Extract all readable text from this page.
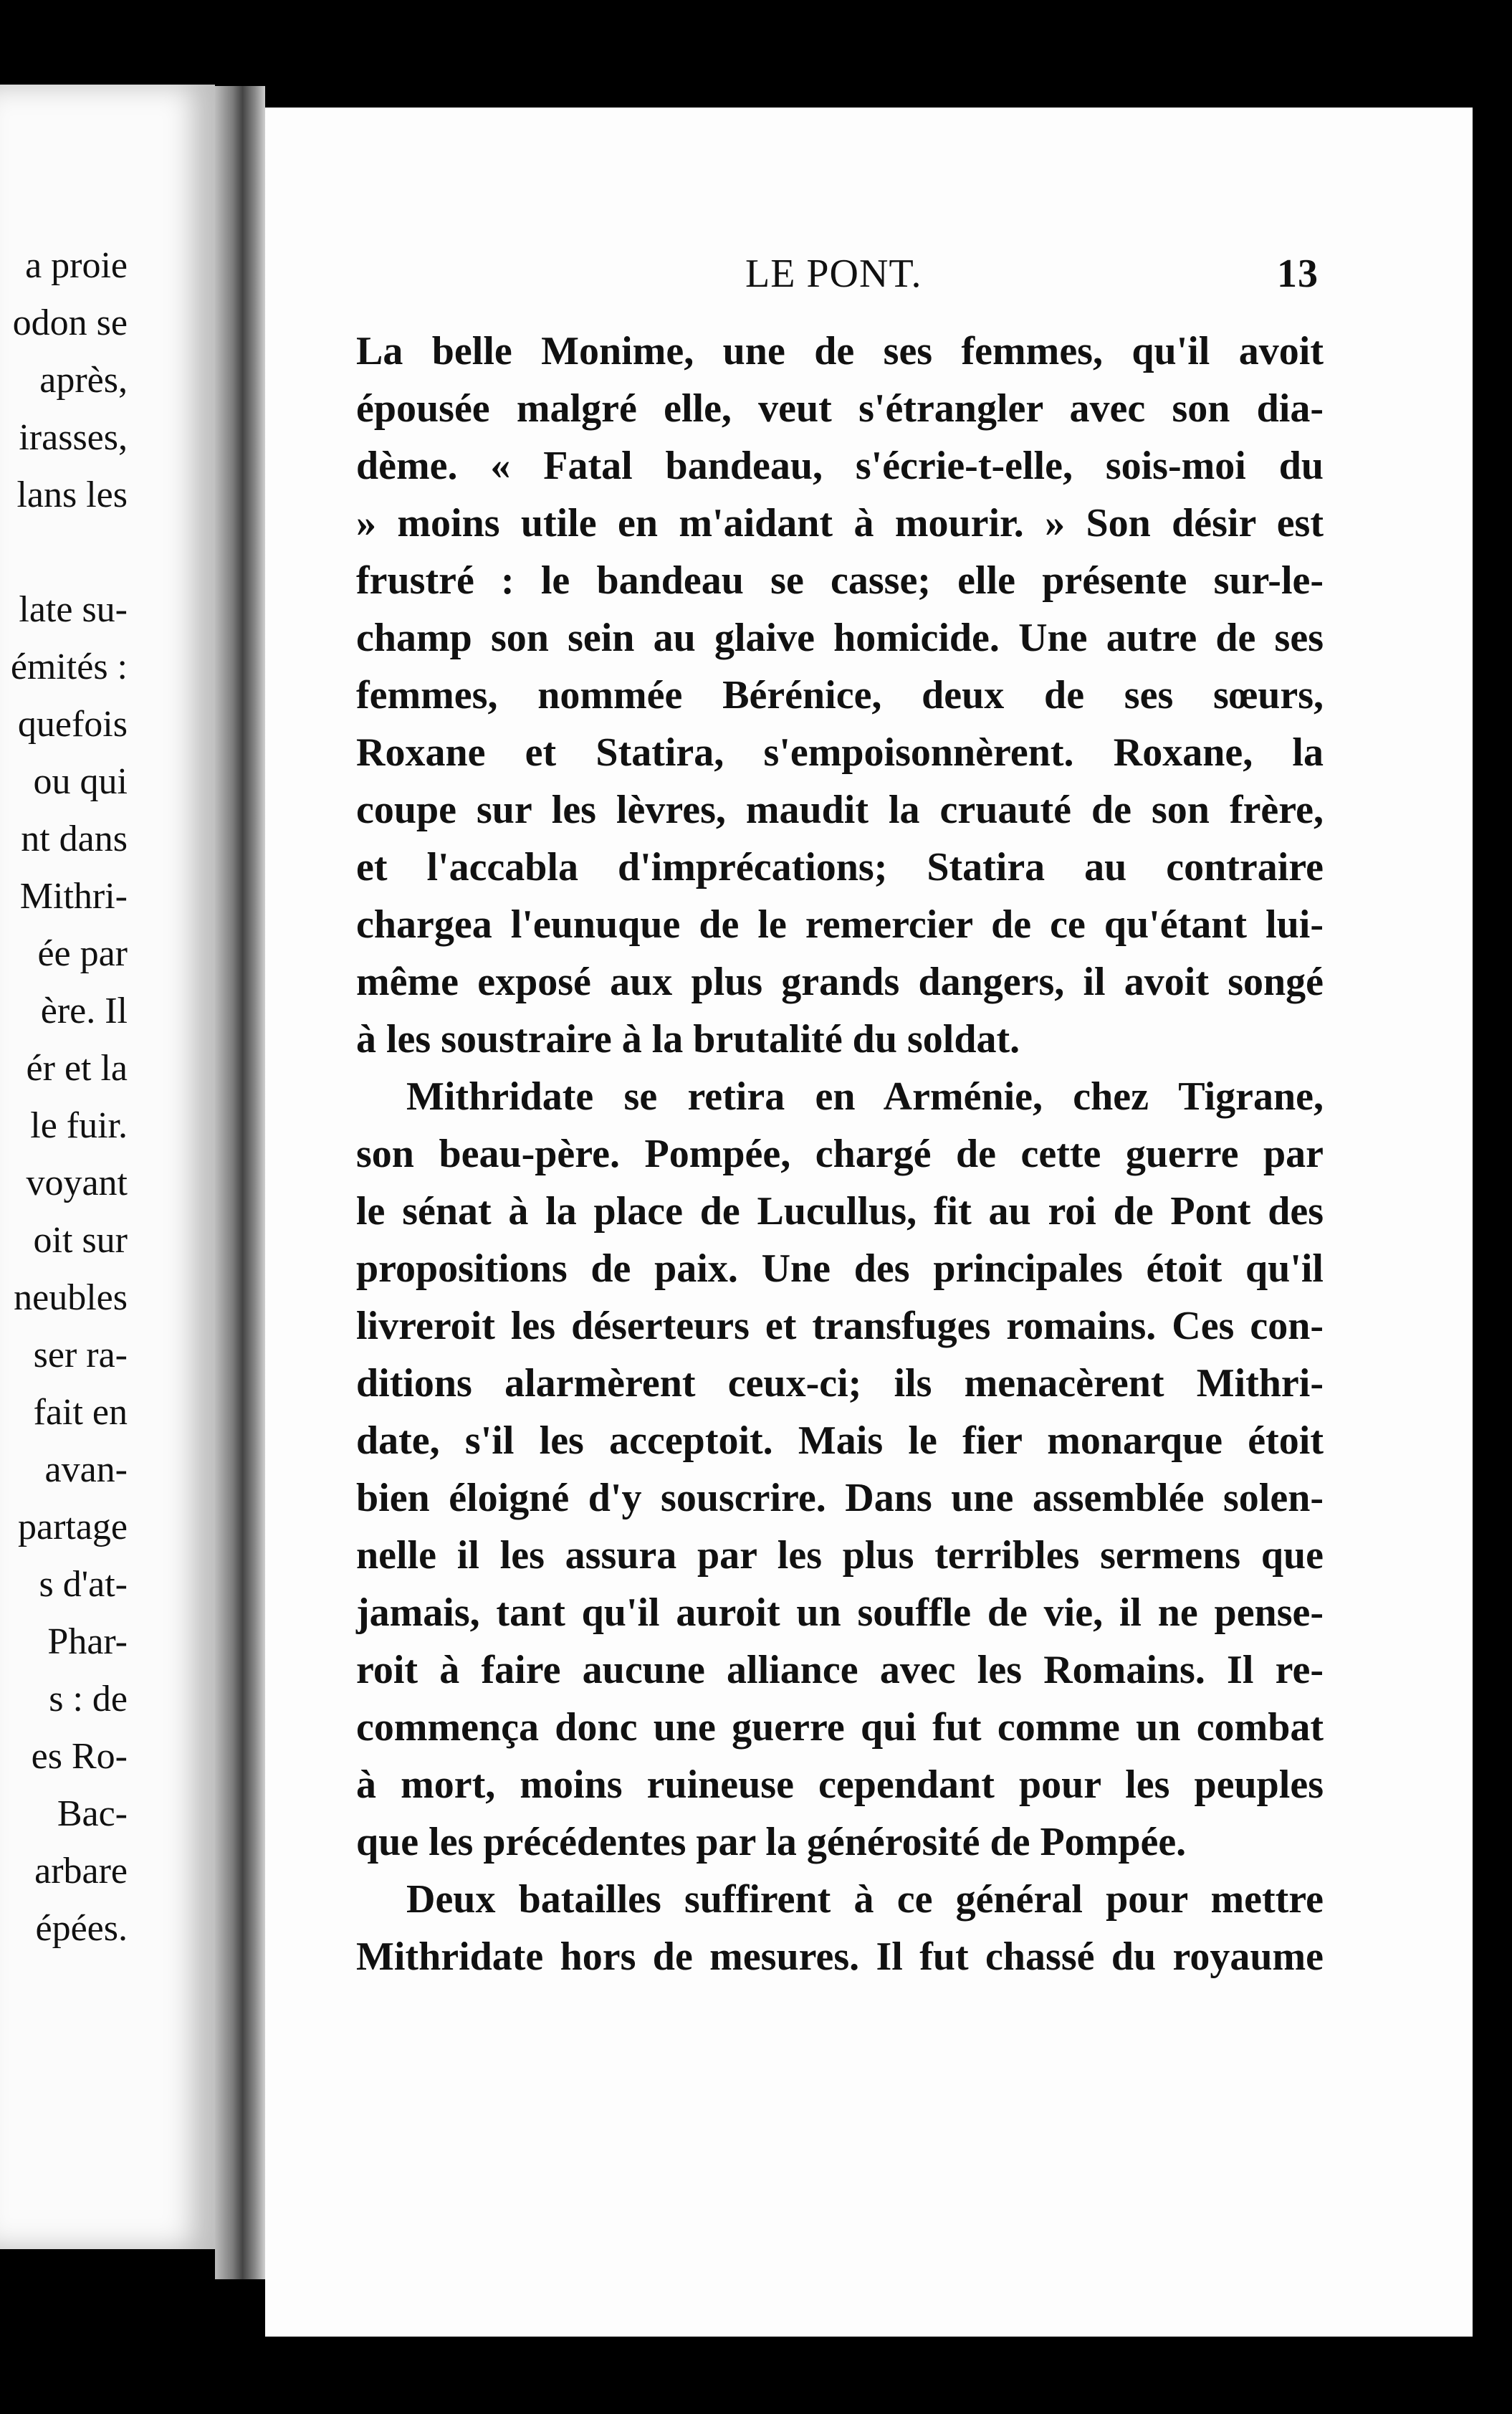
a proie
odon se
après,
irasses,
lans les
late su-
émités :
quefois
ou qui
nt dans
Mithri-
ée par
ère. Il
ér et la
le fuir.
voyant
oit sur
neubles
ser ra-
fait en
avan-
partage
s d'at-
Phar-
s : de
es Ro-
Bac-
arbare
épées.
LE PONT.	13
La belle Monime, une de ses femmes, qu'il avoit
épousée malgré elle, veut s'étrangler avec son dia-
dème. « Fatal bandeau, s'écrie-t-elle, sois-moi du
» moins utile en m'aidant à mourir. » Son désir est
frustré : le bandeau se casse; elle présente sur-le-
champ son sein au glaive homicide. Une autre de ses
femmes, nommée Bérénice, deux de ses sœurs,
Roxane et Statira, s'empoisonnèrent. Roxane, la
coupe sur les lèvres, maudit la cruauté de son frère,
et l'accabla d'imprécations; Statira au contraire
chargea l'eunuque de le remercier de ce qu'étant lui-
même exposé aux plus grands dangers, il avoit songé
à les soustraire à la brutalité du soldat.
Mithridate se retira en Arménie, chez Tigrane,
son beau-père. Pompée, chargé de cette guerre par
le sénat à la place de Lucullus, fit au roi de Pont des
propositions de paix. Une des principales étoit qu'il
livreroit les déserteurs et transfuges romains. Ces con-
ditions alarmèrent ceux-ci; ils menacèrent Mithri-
date, s'il les acceptoit. Mais le fier monarque étoit
bien éloigné d'y souscrire. Dans une assemblée solen-
nelle il les assura par les plus terribles sermens que
jamais, tant qu'il auroit un souffle de vie, il ne pense-
roit à faire aucune alliance avec les Romains. Il re-
commença donc une guerre qui fut comme un combat
à mort, moins ruineuse cependant pour les peuples
que les précédentes par la générosité de Pompée.
Deux batailles suffirent à ce général pour mettre
Mithridate hors de mesures. Il fut chassé du royaume
